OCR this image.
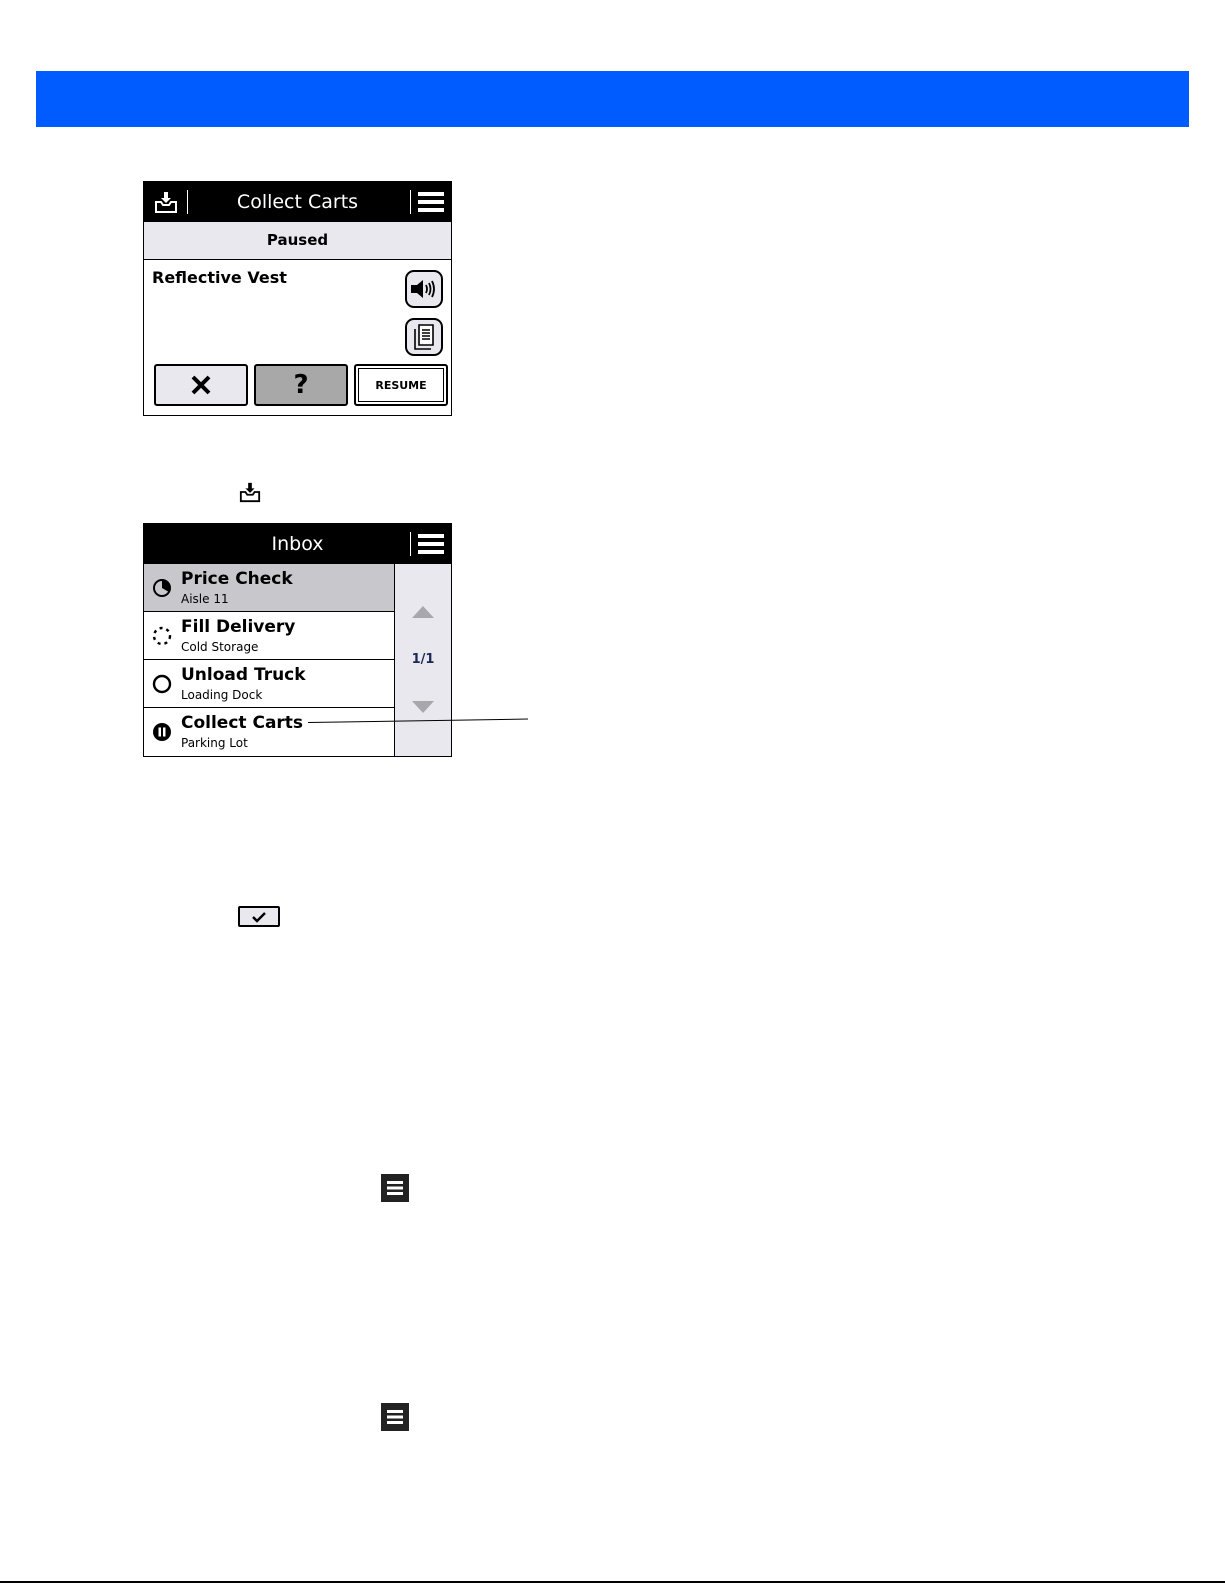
Collect Carts
Paused
Reflective Vest
?	RESUME
Inbox
Price Check
Aisle 11
Fill Delivery
Cold Storage
Unload Truck
Loading Dock
Collect Carts
Parking Lot
1/1
